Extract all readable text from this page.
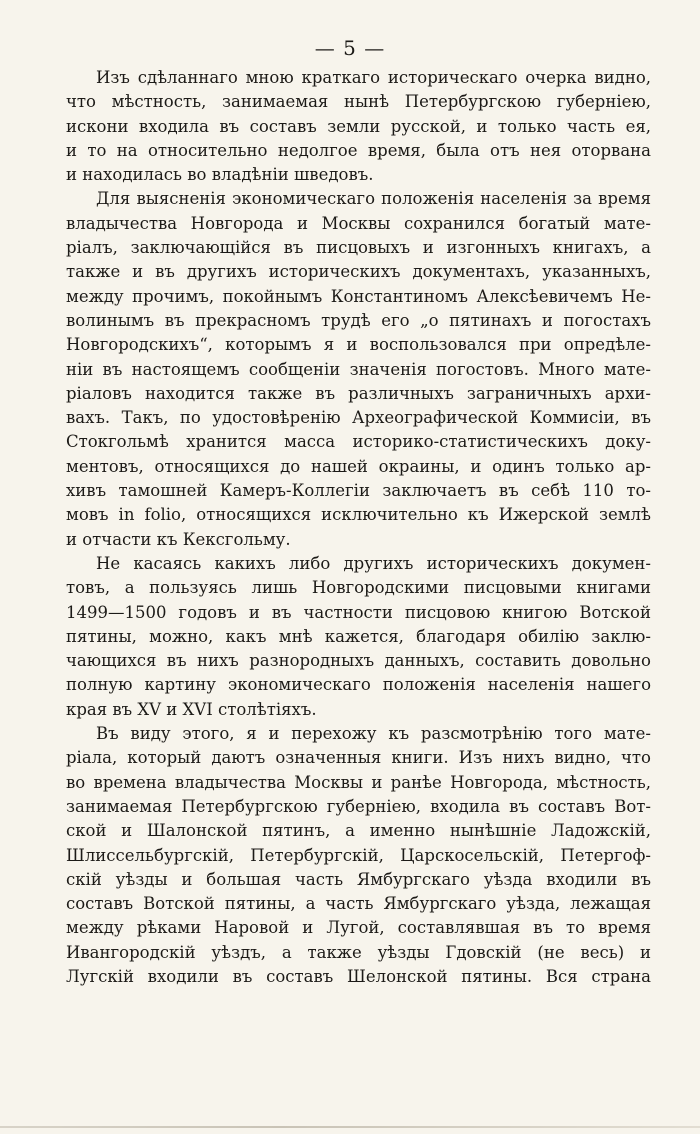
— 5 —
Изъ сдѣланнаго мною краткаго историческаго очерка видно,
что мѣстность, занимаемая нынѣ Петербургскою губерніею,
искони входила въ составъ земли русской, и только часть ея,
и то на относительно недолгое время, была отъ нея оторвана
и находилась во владѣніи шведовъ.
Для выясненія экономическаго положенія населенія за время
владычества Новгорода и Москвы сохранился богатый мате-
ріалъ, заключающійся въ писцовыхъ и изгонныхъ книгахъ, а
также и въ другихъ историческихъ документахъ, указанныхъ,
между прочимъ, покойнымъ Константиномъ Алексѣевичемъ Не-
волинымъ въ прекрасномъ трудѣ его „о пятинахъ и погостахъ
Новгородскихъ“, которымъ я и воспользовался при опредѣле-
ніи въ настоящемъ сообщеніи значенія погостовъ. Много мате-
ріаловъ находится также въ различныхъ заграничныхъ архи-
вахъ. Такъ, по удостовѣренію Археографической Коммисіи, въ
Стокгольмѣ хранится масса историко-статистическихъ доку-
ментовъ, относящихся до нашей окраины, и одинъ только ар-
хивъ тамошней Камеръ-Коллегіи заключаетъ въ себѣ 110 то-
мовъ in folio, относящихся исключительно къ Ижерской землѣ
и отчасти къ Кексгольму.
Не касаясь какихъ либо другихъ историческихъ докумен-
товъ, а пользуясь лишь Новгородскими писцовыми книгами
1499—1500 годовъ и въ частности писцовою книгою Вотской
пятины, можно, какъ мнѣ кажется, благодаря обилію заклю-
чающихся въ нихъ разнородныхъ данныхъ, составить довольно
полную картину экономическаго положенія населенія нашего
края въ XV и XVI столѣтіяхъ.
Въ виду этого, я и перехожу къ разсмотрѣнію того мате-
ріала, который даютъ означенныя книги. Изъ нихъ видно, что
во времена владычества Москвы и ранѣе Новгорода, мѣстность,
занимаемая Петербургскою губерніею, входила въ составъ Вот-
ской и Шалонской пятинъ, а именно нынѣшніе Ладожскій,
Шлиссельбургскій, Петербургскій, Царскосельскій, Петергоф-
скій уѣзды и большая часть Ямбургскаго уѣзда входили въ
составъ Вотской пятины, а часть Ямбургскаго уѣзда, лежащая
между рѣками Наровой и Лугой, составлявшая въ то время
Ивангородскій уѣздъ, а также уѣзды Гдовскій (не весь) и
Лугскій входили въ составъ Шелонской пятины. Вся страна
